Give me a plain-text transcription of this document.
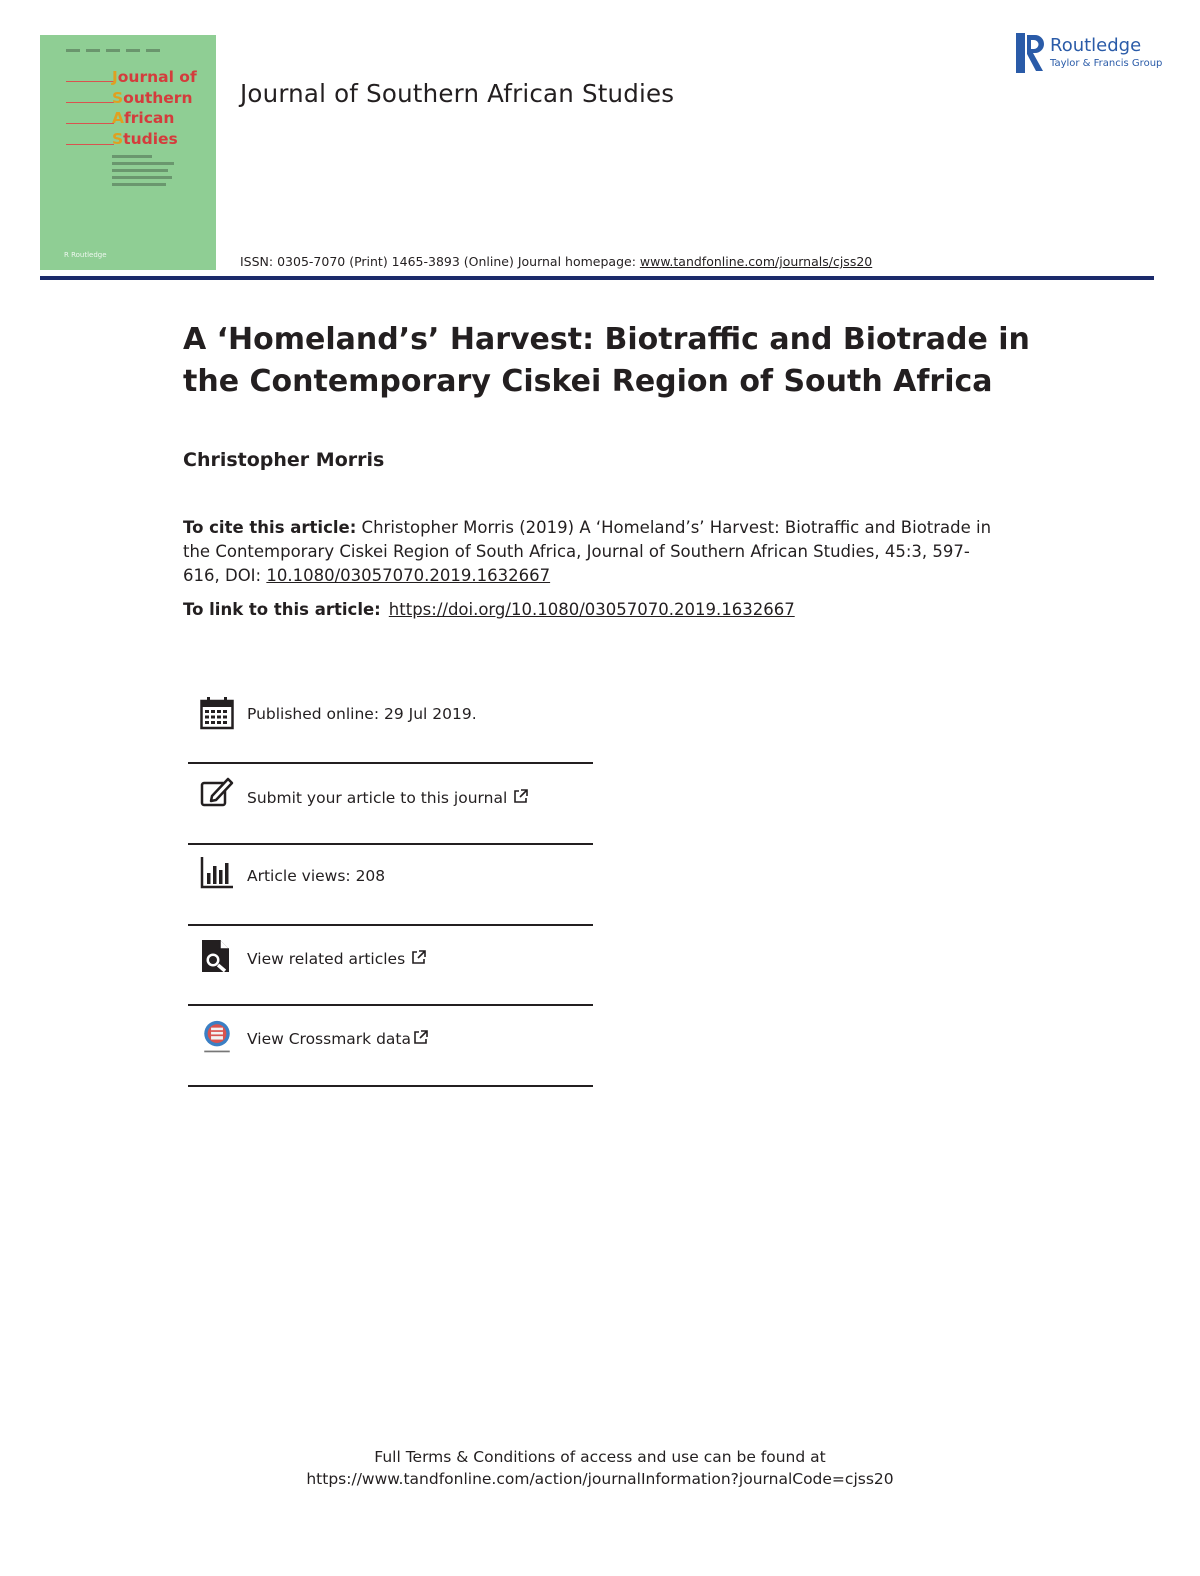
Journal of
Southern
African
Studies
R Routledge
Journal of Southern African Studies
Routledge
Taylor & Francis Group
ISSN: 0305-7070 (Print) 1465-3893 (Online) Journal homepage: www.tandfonline.com/journals/cjss20
A ‘Homeland’s’ Harvest: Biotraffic and Biotrade in the Contemporary Ciskei Region of South Africa
Christopher Morris
To cite this article: Christopher Morris (2019) A ‘Homeland’s’ Harvest: Biotraffic and Biotrade in the Contemporary Ciskei Region of South Africa, Journal of Southern African Studies, 45:3, 597-616, DOI: 10.1080/03057070.2019.1632667
To link to this article: https://doi.org/10.1080/03057070.2019.1632667
Published online: 29 Jul 2019.
Submit your article to this journal
Article views: 208
View related articles
View Crossmark data
Full Terms & Conditions of access and use can be found at
https://www.tandfonline.com/action/journalInformation?journalCode=cjss20
